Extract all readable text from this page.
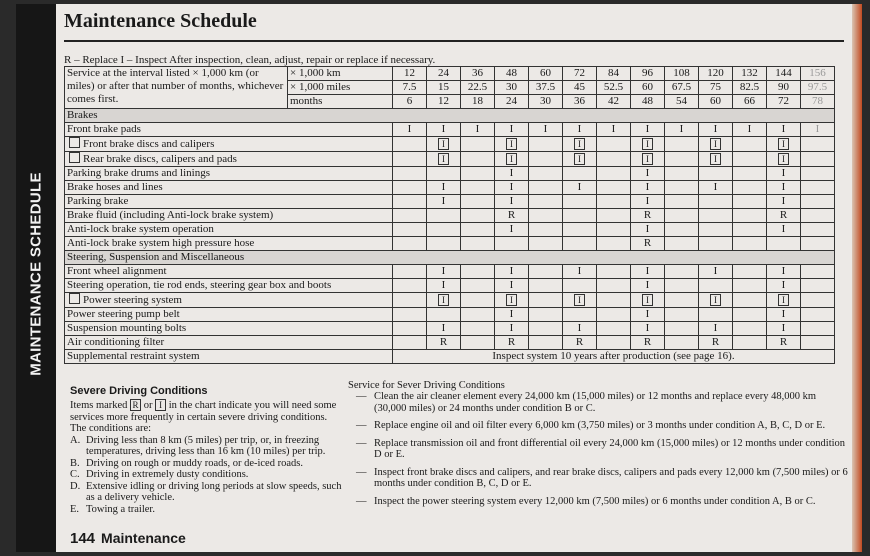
MAINTENANCE SCHEDULE
Maintenance Schedule
R – Replace I – Inspect After inspection, clean, adjust, repair or replace if necessary.
Service at the interval listed × 1,000 km (or miles) or after that number of months, whichever comes first.	× 1,000 km	12	24	36	48	60	72	84	96	108	120	132	144	156
	× 1,000 miles	7.5	15	22.5	30	37.5	45	52.5	60	67.5	75	82.5	90	97.5
	months	6	12	18	24	30	36	42	48	54	60	66	72	78
Brakes														
Front brake pads		I	I	I	I	I	I	I	I	I	I	I	I	I
Front brake discs and calipers			I		I		I		I		I		I	
Rear brake discs, calipers and pads			I		I		I		I		I		I	
Parking brake drums and linings					I				I				I	
Brake hoses and lines			I		I		I		I		I		I	
Parking brake			I		I				I				I	
Brake fluid (including Anti-lock brake system)					R				R				R	
Anti-lock brake system operation					I				I				I	
Anti-lock brake system high pressure hose									R					
Steering, Suspension and Miscellaneous														
Front wheel alignment			I		I		I		I		I		I	
Steering operation, tie rod ends, steering gear box and boots			I		I				I				I	
Power steering system			I		I		I		I		I		I	
Power steering pump belt					I				I				I	
Suspension mounting bolts			I		I		I		I		I		I	
Air conditioning filter			R		R		R		R		R		R	
Supplemental restraint system		Inspect system 10 years after production (see page 16).												
Severe Driving Conditions

Items marked R or I in the chart indicate you will need some services more frequently in certain severe driving conditions.

The conditions are:

A. Driving less than 8 km (5 miles) per trip, or, in freezing temperatures, driving less than 16 km (10 miles) per trip.
B. Driving on rough or muddy roads, or de-iced roads.
C. Driving in extremely dusty conditions.
D. Extensive idling or driving long periods at slow speeds, such as a delivery vehicle.
E. Towing a trailer.
Service for Sever Driving Conditions
— Clean the air cleaner element every 24,000 km (15,000 miles) or 12 months and replace every 48,000 km (30,000 miles) or 24 months under condition B or C.
— Replace engine oil and oil filter every 6,000 km (3,750 miles) or 3 months under condition A, B, C, D or E.
— Replace transmission oil and front differential oil every 24,000 km (15,000 miles) or 12 months under condition D or E.
— Inspect front brake discs and calipers, and rear brake discs, calipers and pads every 12,000 km (7,500 miles) or 6 months under condition B, C, D or E.
— Inspect the power steering system every 12,000 km (7,500 miles) or 6 months under condition A, B or C.
144 Maintenance
